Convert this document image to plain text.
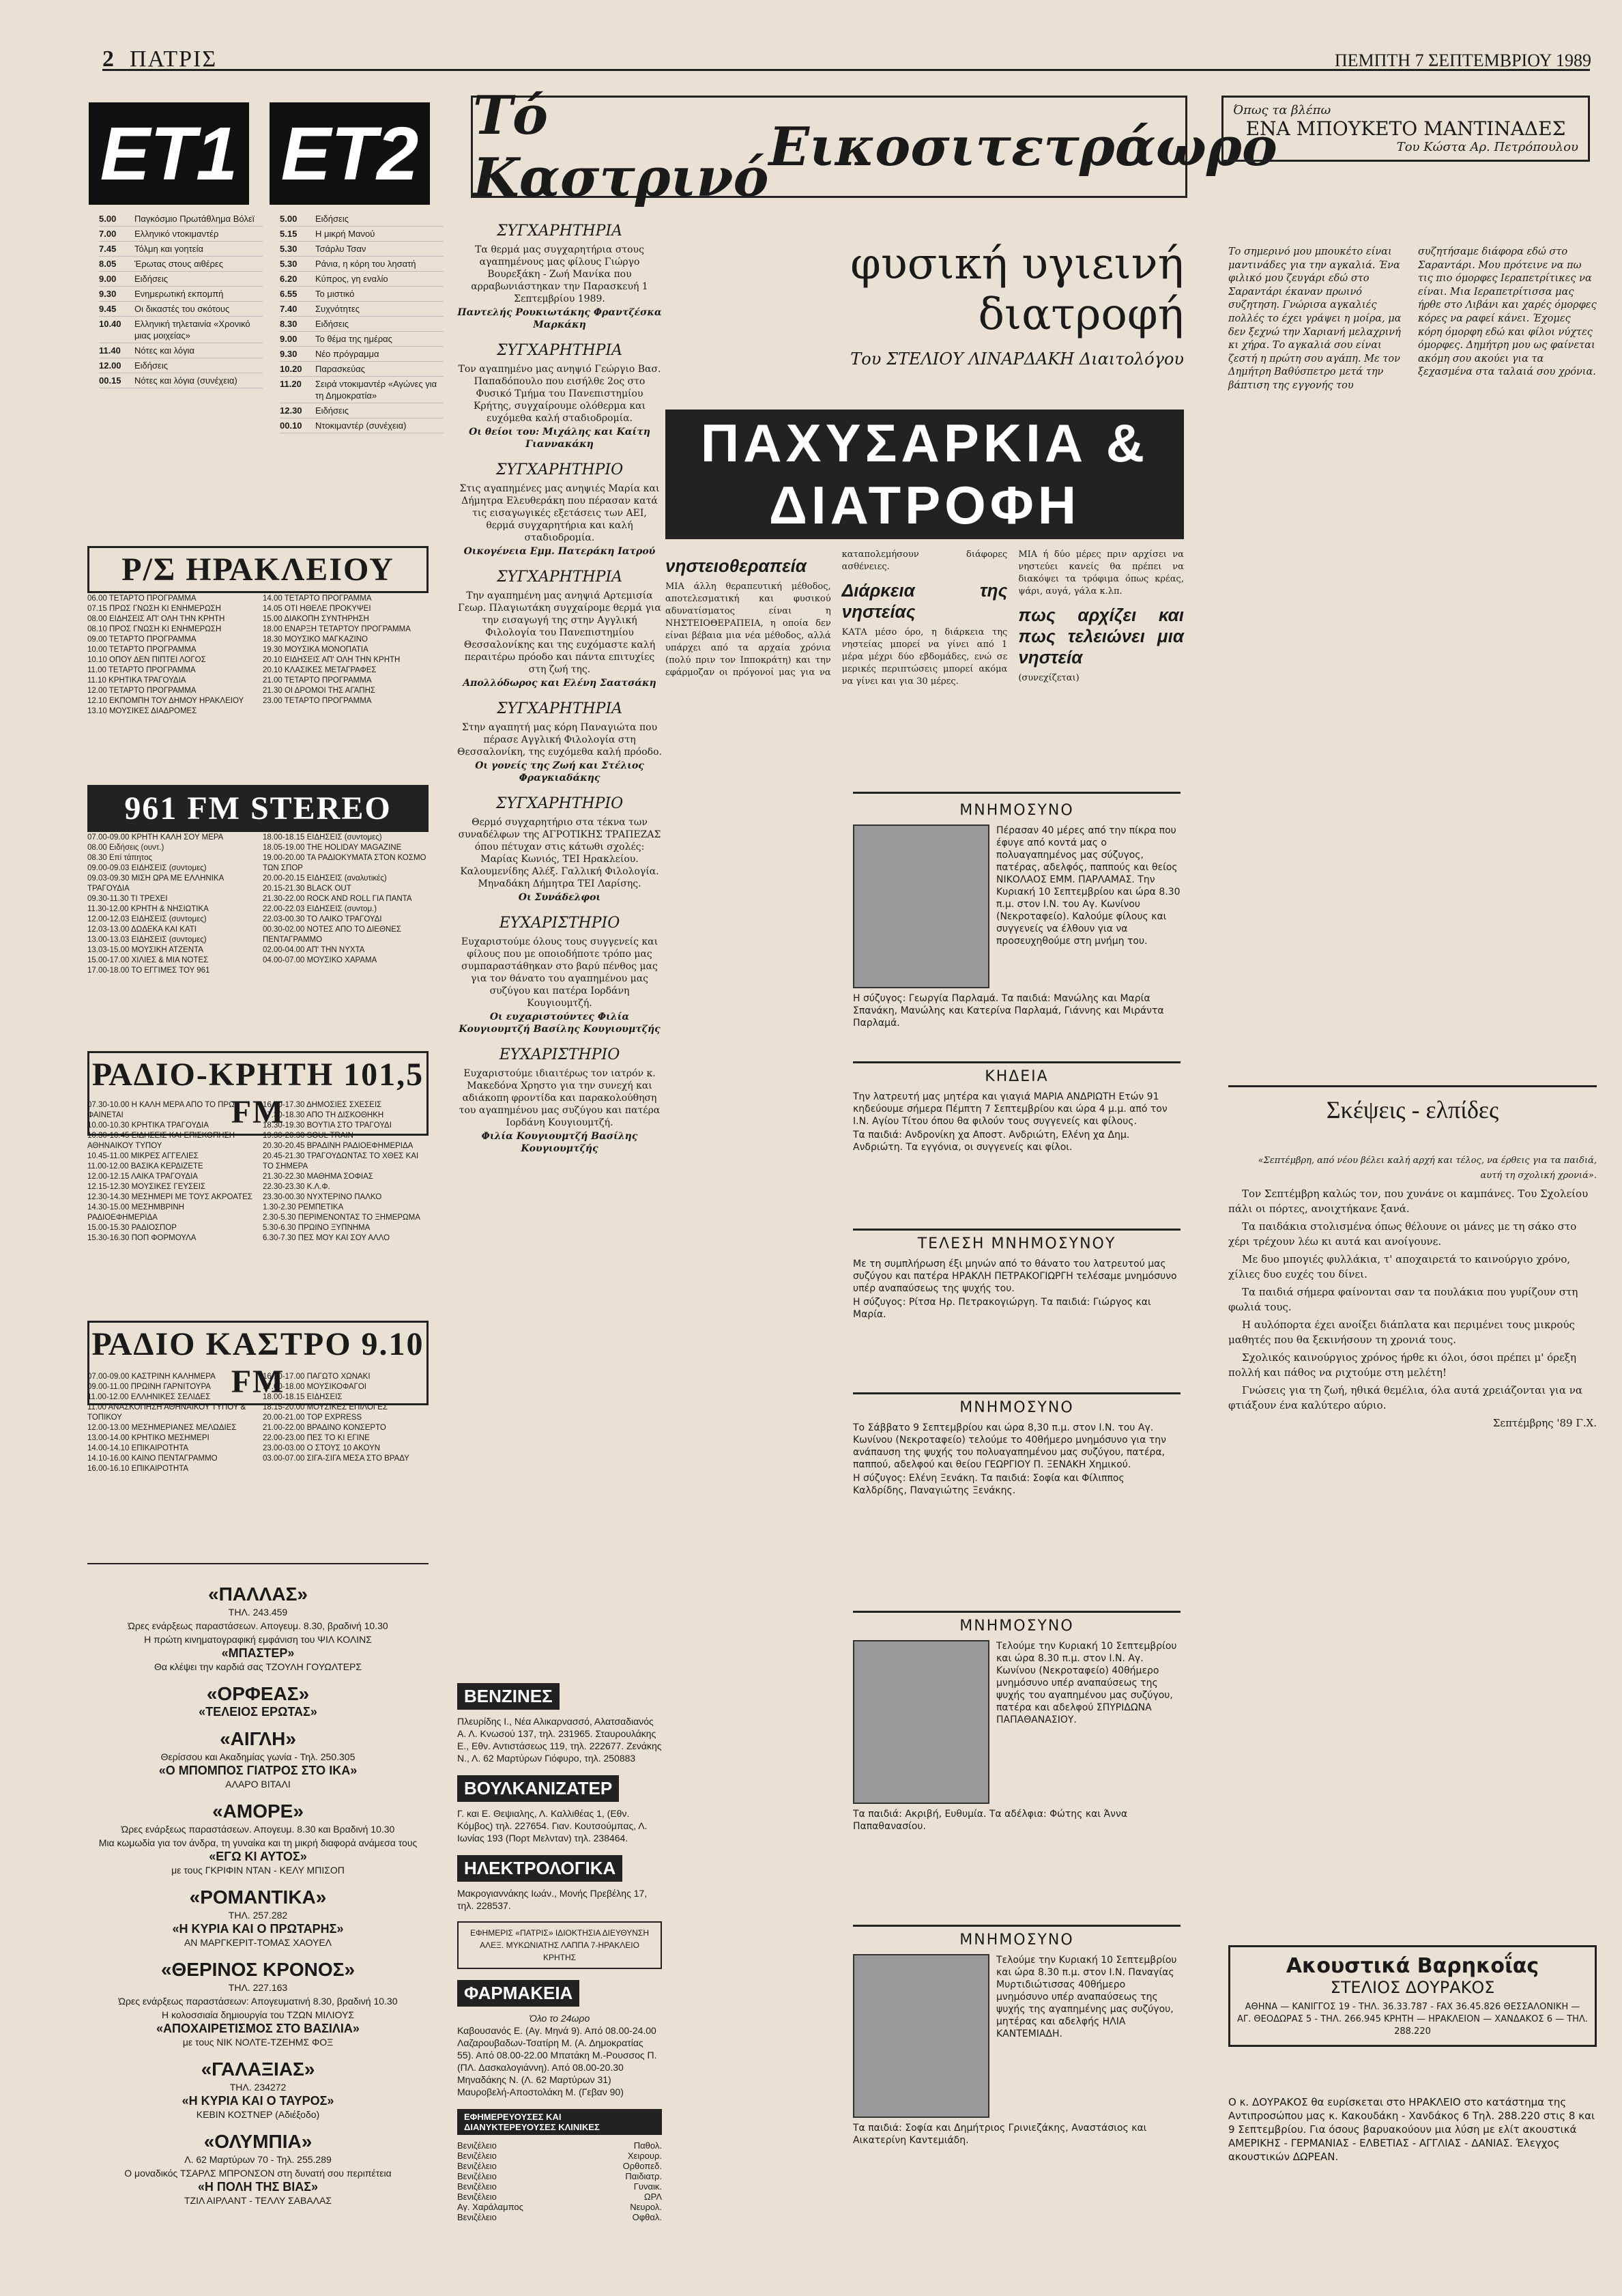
2 ΠΑΤΡΙΣ	ΠΕΜΠΤΗ 7 ΣΕΠΤΕΜΒΡΙΟΥ 1989
ET1 ET2
5.00	Παγκόσμιο Πρωτάθλημα Βόλεϊ
7.00	Ελληνικό ντοκιμαντέρ
7.45	Τόλμη και γοητεία
8.05	Έρωτας στους αιθέρες
9.00	Ειδήσεις
9.30	Ενημερωτική εκπομπή
9.45	Οι δικαστές του σκότους
10.40	Ελληνική τηλεταινία «Χρονικό μιας μοιχείας»
11.40	Νότες και λόγια
12.00	Ειδήσεις
00.15	Νότες και λόγια (συνέχεια)
5.00	Ειδήσεις
5.15	Η μικρή Μανού
5.30	Τσάρλυ Τσαν
5.30	Ράνια, η κόρη του λησατή
6.20	Κύπρος, γη εναλίο
6.55	Το μιστικό
7.40	Συχνότητες
8.30	Ειδήσεις
9.00	Το θέμα της ημέρας
9.30	Νέο πρόγραμμα
10.20	Παρασκεύας
11.20	Σειρά ντοκιμαντέρ «Αγώνες για τη Δημοκρατία»
12.30	Ειδήσεις
00.10	Ντοκιμαντέρ (συνέχεια)
Ρ/Σ ΗΡΑΚΛΕΙΟΥ
06.00 ΤΕΤΑΡΤΟ ΠΡΟΓΡΑΜΜΑ
07.15 ΠΡΩΣ ΓΝΩΣΗ ΚΙ ΕΝΗΜΕΡΩΣΗ
08.00 ΕΙΔΗΣΕΙΣ ΑΠ' ΟΛΗ ΤΗΝ ΚΡΗΤΗ
08.10 ΠΡΟΣ ΓΝΩΣΗ ΚΙ ΕΝΗΜΕΡΩΣΗ
09.00 ΤΕΤΑΡΤΟ ΠΡΟΓΡΑΜΜΑ
10.00 ΤΕΤΑΡΤΟ ΠΡΟΓΡΑΜΜΑ
10.10 ΟΠΟΥ ΔΕΝ ΠΙΠΤΕΙ ΛΟΓΟΣ
11.00 ΤΕΤΑΡΤΟ ΠΡΟΓΡΑΜΜΑ
11.10 ΚΡΗΤΙΚΑ ΤΡΑΓΟΥΔΙΑ
12.00 ΤΕΤΑΡΤΟ ΠΡΟΓΡΑΜΜΑ
12.10 ΕΚΠΟΜΠΗ ΤΟΥ ΔΗΜΟΥ ΗΡΑΚΛΕΙΟΥ
13.10 ΜΟΥΣΙΚΕΣ ΔΙΑΔΡΟΜΕΣ
14.00 ΤΕΤΑΡΤΟ ΠΡΟΓΡΑΜΜΑ
14.05 ΟΤΙ ΗΘΕΛΕ ΠΡΟΚΥΨΕΙ
15.00 ΔΙΑΚΟΠΗ ΣΥΝΤΗΡΗΣΗ
18.00 ΕΝΑΡΞΗ ΤΕΤΑΡΤΟΥ ΠΡΟΓΡΑΜΜΑ
18.30 ΜΟΥΣΙΚΟ ΜΑΓΚΑΖΙΝΟ
19.30 ΜΟΥΣΙΚΑ ΜΟΝΟΠΑΤΙΑ
20.10 ΕΙΔΗΣΕΙΣ ΑΠ' ΟΛΗ ΤΗΝ ΚΡΗΤΗ
20.10 ΚΛΑΣΙΚΕΣ ΜΕΤΑΓΡΑΦΕΣ
21.00 ΤΕΤΑΡΤΟ ΠΡΟΓΡΑΜΜΑ
21.30 ΟΙ ΔΡΟΜΟΙ ΤΗΣ ΑΓΑΠΗΣ
23.00 ΤΕΤΑΡΤΟ ΠΡΟΓΡΑΜΜΑ
961 FM STEREO
07.00-09.00 ΚΡΗΤΗ ΚΑΛΗ ΣΟΥ ΜΕΡΑ
08.00 Ειδήσεις (ουντ.)
08.30 Επί τάπητος
09.00-09.03 ΕΙΔΗΣΕΙΣ (συντομες)
09.03-09.30 ΜΙΣΗ ΩΡΑ ΜΕ ΕΛΛΗΝΙΚΑ ΤΡΑΓΟΥΔΙΑ
09.30-11.30 ΤΙ ΤΡΕΧΕΙ
11.30-12.00 ΚΡΗΤΗ & ΝΗΣΙΩΤΙΚΑ
12.00-12.03 ΕΙΔΗΣΕΙΣ (συντομες)
12.03-13.00 ΔΩΔΕΚΑ ΚΑΙ ΚΑΤΙ
13.00-13.03 ΕΙΔΗΣΕΙΣ (συντομες)
13.03-15.00 ΜΟΥΣΙΚΗ ΑΤΖΕΝΤΑ
15.00-17.00 ΧΙΛΙΕΣ & ΜΙΑ ΝΟΤΕΣ
17.00-18.00 ΤΟ ΕΓΓΙΜΕΣ ΤΟΥ 961
18.00-18.15 ΕΙΔΗΣΕΙΣ (συντομες)
18.05-19.00 THE HOLIDAY MAGAZINE
19.00-20.00 ΤΑ ΡΑΔΙΟΚΥΜΑΤΑ ΣΤΟΝ ΚΟΣΜΟ ΤΩΝ ΣΠΟΡ
20.00-20.15 ΕΙΔΗΣΕΙΣ (αναλυτικές)
20.15-21.30 BLACK OUT
21.30-22.00 ROCK AND ROLL ΓΙΑ ΠΑΝΤΑ
22.00-22.03 ΕΙΔΗΣΕΙΣ (συντομ.)
22.03-00.30 ΤΟ ΛΑΙΚΟ ΤΡΑΓΟΥΔΙ
00.30-02.00 ΝΟΤΕΣ ΑΠΟ ΤΟ ΔΙΕΘΝΕΣ ΠΕΝΤΑΓΡΑΜΜΟ
02.00-04.00 ΑΠ' ΤΗΝ ΝΥΧΤΑ
04.00-07.00 ΜΟΥΣΙΚΟ ΧΑΡΑΜΑ
ΡΑΔΙΟ-ΚΡΗΤΗ 101,5 FM
07.30-10.00 Η ΚΑΛΗ ΜΕΡΑ ΑΠΟ ΤΟ ΠΡΩΙ ΦΑΙΝΕΤΑΙ
10.00-10.30 ΚΡΗΤΙΚΑ ΤΡΑΓΟΥΔΙΑ
10.30-10.45 ΕΙΔΗΣΕΙΣ ΚΑΙ ΕΠΙΣΚΟΠΗΣΗ ΑΘΗΝΑΙΚΟΥ ΤΥΠΟΥ
10.45-11.00 ΜΙΚΡΕΣ ΑΓΓΕΛΙΕΣ
11.00-12.00 ΒΑΣΙΚΑ ΚΕΡΔΙΖΕΤΕ
12.00-12.15 ΛΑΙΚΑ ΤΡΑΓΟΥΔΙΑ
12.15-12.30 ΜΟΥΣΙΚΕΣ ΓΕΥΣΕΙΣ
12.30-14.30 ΜΕΣΗΜΕΡΙ ΜΕ ΤΟΥΣ ΑΚΡΟΑΤΕΣ
14.30-15.00 ΜΕΣΗΜΒΡΙΝΗ ΡΑΔΙΟΕΦΗΜΕΡΙΔΑ
15.00-15.30 ΡΑΔΙΟΣΠΟΡ
15.30-16.30 ΠΟΠ ΦΟΡΜΟΥΛΑ
16.30-17.30 ΔΗΜΟΣΙΕΣ ΣΧΕΣΕΙΣ
17.30-18.30 ΑΠΟ ΤΗ ΔΙΣΚΟΘΗΚΗ
18.30-19.30 ΒΟΥΤΙΑ ΣΤΟ ΤΡΑΓΟΥΔΙ
19.30-20.30 SOUL TRAIN
20.30-20.45 ΒΡΑΔΙΝΗ ΡΑΔΙΟΕΦΗΜΕΡΙΔΑ
20.45-21.30 ΤΡΑΓΟΥΔΩΝΤΑΣ ΤΟ ΧΘΕΣ ΚΑΙ ΤΟ ΣΗΜΕΡΑ
21.30-22.30 ΜΑΘΗΜΑ ΣΟΦΙΑΣ
22.30-23.30 Κ.Λ.Φ.
23.30-00.30 ΝΥΧΤΕΡΙΝΟ ΠΑΛΚΟ
1.30-2.30 ΡΕΜΠΕΤΙΚΑ
2.30-5.30 ΠΕΡΙΜΕΝΟΝΤΑΣ ΤΟ ΞΗΜΕΡΩΜΑ
5.30-6.30 ΠΡΩΙΝΟ ΞΥΠΝΗΜΑ
6.30-7.30 ΠΕΣ ΜΟΥ ΚΑΙ ΣΟΥ ΑΛΛΟ
ΡΑΔΙΟ ΚΑΣΤΡΟ 9.10 FM
07.00-09.00 ΚΑΣΤΡΙΝΗ ΚΑΛΗΜΕΡΑ
09.00-11.00 ΠΡΩΙΝΗ ΓΑΡΝΙΤΟΥΡΑ
11.00-12.00 ΕΛΛΗΝΙΚΕΣ ΣΕΛΙΔΕΣ
11.00 ΑΝΑΣΚΟΠΗΣΗ ΑΘΗΝΑΙΚΟΥ ΤΥΠΟΥ & ΤΟΠΙΚΟΥ
12.00-13.00 ΜΕΣΗΜΕΡΙΑΝΕΣ ΜΕΛΩΔΙΕΣ
13.00-14.00 ΚΡΗΤΙΚΟ ΜΕΣΗΜΕΡΙ
14.00-14.10 ΕΠΙΚΑΙΡΟΤΗΤΑ
14.10-16.00 ΚΑΙΝΟ ΠΕΝΤΑΓΡΑΜΜΟ
16.00-16.10 ΕΠΙΚΑΙΡΟΤΗΤΑ
16.10-17.00 ΠΑΓΩΤΟ ΧΩΝΑΚΙ
17.00-18.00 ΜΟΥΣΙΚΟΦΑΓΟΙ
18.00-18.15 ΕΙΔΗΣΕΙΣ
18.15-20.00 ΜΟΥΣΙΚΕΣ ΕΠΙΛΟΓΕΣ
20.00-21.00 TOP EXPRESS
21.00-22.00 ΒΡΑΔΙΝΟ ΚΟΝΣΕΡΤΟ
22.00-23.00 ΠΕΣ ΤΟ ΚΙ ΕΓΙΝΕ
23.00-03.00 Ο ΣΤΟΥΣ 10 ΑΚΟΥΝ
03.00-07.00 ΣΙΓΑ-ΣΙΓΑ ΜΕΣΑ ΣΤΟ ΒΡΑΔΥ
«ΠΑΛΛΑΣ»
ΤΗΛ. 243.459
Ώρες ενάρξεως παραστάσεων. Απογευμ. 8.30, βραδινή 10.30
Η πρώτη κινηματογραφική εμφάνιση του ΨΙΛ ΚΟΛΙΝΣ
«ΜΠΑΣΤΕΡ»
Θα κλέψει την καρδιά σας ΤΖΟΥΛΗ ΓΟΥΩΛΤΕΡΣ
«ΟΡΦΕΑΣ»
«ΤΕΛΕΙΟΣ ΕΡΩΤΑΣ»
«ΑΙΓΛΗ»
Θερίσσου και Ακαδημίας γωνία - Τηλ. 250.305
«Ο ΜΠΟΜΠΟΣ ΓΙΑΤΡΟΣ ΣΤΟ ΙΚΑ»
ΑΛΑΡΟ ΒΙΤΑΛΙ
«ΑΜΟΡΕ»
Ώρες ενάρξεως παραστάσεων. Απογευμ. 8.30 και Βραδινή 10.30
Μια κωμωδία για τον άνδρα, τη γυναίκα και τη μικρή διαφορά ανάμεσα τους
«ΕΓΩ ΚΙ ΑΥΤΟΣ»
με τους ΓΚΡΙΦΙΝ ΝΤΑΝ - ΚΕΛΥ ΜΠΙΣΟΠ
«ΡΟΜΑΝΤΙΚΑ»
ΤΗΛ. 257.282
«Η ΚΥΡΙΑ ΚΑΙ Ο ΠΡΩΤΑΡΗΣ»
ΑΝ ΜΑΡΓΚΕΡΙΤ-ΤΟΜΑΣ ΧΑΟΥΕΛ
«ΘΕΡΙΝΟΣ ΚΡΟΝΟΣ»
ΤΗΛ. 227.163
Ώρες ενάρξεως παραστάσεων: Απογευματινή 8.30, βραδινή 10.30
Η κολοσσιαία δημιουργία του ΤΖΩΝ ΜΙΛΙΟΥΣ
«ΑΠΟΧΑΙΡΕΤΙΣΜΟΣ ΣΤΟ ΒΑΣΙΛΙΑ»
με τους ΝΙΚ ΝΟΛΤΕ-ΤΖΕΗΜΣ ΦΟΞ
«ΓΑΛΑΞΙΑΣ»
ΤΗΛ. 234272
«Η ΚΥΡΙΑ ΚΑΙ Ο ΤΑΥΡΟΣ»
ΚΕΒΙΝ ΚΟΣΤΝΕΡ (Αδιέξοδο)
«ΟΛΥΜΠΙΑ»
Λ. 62 Μαρτύρων 70 - Τηλ. 255.289
Ο μοναδικός ΤΣΑΡΛΣ ΜΠΡΟΝΣΟΝ στη δυνατή σου περιπέτεια
«Η ΠΟΛΗ ΤΗΣ ΒΙΑΣ»
ΤΖΙΛ ΑΙΡΛΑΝΤ - ΤΕΛΛΥ ΣΑΒΑΛΑΣ
Τό Καστρινό Εικοσιτετράωρο
ΣΥΓΧΑΡΗΤΗΡΙΑ

Τα θερμά μας συγχαρητήρια στους αγαπημένους μας φίλους Γιώργο Βουρεξάκη - Ζωή Μανίκα που αρραβωνιάστηκαν την Παρασκευή 1 Σεπτεμβρίου 1989.

Παντελής Ρουκιωτάκης Φραντζέσκα Μαρκάκη

ΣΥΓΧΑΡΗΤΗΡΙΑ

Τον αγαπημένο μας ανηψιό Γεώργιο Βασ. Παπαδόπουλο που εισήλθε 2ος στο Φυσικό Τμήμα του Πανεπιστημίου Κρήτης, συγχαίρουμε ολόθερμα και ευχόμεθα καλή σταδιοδρομία.

Οι θείοι του: Μιχάλης και Καίτη Γιαννακάκη

ΣΥΓΧΑΡΗΤΗΡΙΟ

Στις αγαπημένες μας ανηψιές Μαρία και Δήμητρα Ελευθεράκη που πέρασαν κατά τις εισαγωγικές εξετάσεις των ΑΕΙ, θερμά συγχαρητήρια και καλή σταδιοδρομία.

Οικογένεια Εμμ. Πατεράκη Ιατρού

ΣΥΓΧΑΡΗΤΗΡΙΑ

Την αγαπημένη μας ανηψιά Αρτεμισία Γεωρ. Πλαγιωτάκη συγχαίρομε θερμά για την εισαγωγή της στην Αγγλική Φιλολογία του Πανεπιστημίου Θεσσαλονίκης και της ευχόμαστε καλή περαιτέρω πρόοδο και πάντα επιτυχίες στη ζωή της.

Απολλόδωρος και Ελένη Σαατσάκη

ΣΥΓΧΑΡΗΤΗΡΙΑ

Στην αγαπητή μας κόρη Παναγιώτα που πέρασε Αγγλική Φιλολογία στη Θεσσαλονίκη, της ευχόμεθα καλή πρόοδο.

Οι γονείς της Ζωή και Στέλιος Φραγκιαδάκης

ΣΥΓΧΑΡΗΤΗΡΙΟ

Θερμό συγχαρητήριο στα τέκνα των συναδέλφων της ΑΓΡΟΤΙΚΗΣ ΤΡΑΠΕΖΑΣ όπου πέτυχαν στις κάτωθι σχολές: Μαρίας Κωνιός, ΤΕΙ Ηρακλείου. Καλουμενίδης Αλέξ. Γαλλική Φιλολογία. Μηναδάκη Δήμητρα ΤΕΙ Λαρίσης.

Οι Συνάδελφοι

ΕΥΧΑΡΙΣΤΗΡΙΟ

Ευχαριστούμε όλους τους συγγενείς και φίλους που με οποιοδήποτε τρόπο μας συμπαραστάθηκαν στο βαρύ πένθος μας για τον θάνατο του αγαπημένου μας συζύγου και πατέρα Ιορδάνη Κουγιουμτζή.

Οι ευχαριστούντες Φιλία Κουγιουμτζή Βασίλης Κουγιουμτζής

ΕΥΧΑΡΙΣΤΗΡΙΟ

Ευχαριστούμε ιδιαιτέρως τον ιατρόν κ. Μακεδόνα Χρηστο για την συνεχή και αδιάκοπη φροντίδα και παρακολούθηση του αγαπημένου μας συζύγου και πατέρα Ιορδάνη Κουγιουμτζή.

Φιλία Κουγιουμτζή Βασίλης Κουγιουμτζής

ΒΕΝΖΙΝΕΣ

Πλευρίδης Ι., Νέα Αλικαρνασσό, Αλατσαδιανός Α. Λ. Κνωσού 137, τηλ. 231965. Σταυρουλάκης Ε., Εθν. Αντιστάσεως 119, τηλ. 222677. Ζενάκης Ν., Λ. 62 Μαρτύρων Γιόφυρο, τηλ. 250883

ΒΟΥΛΚΑΝΙΖΑΤΕΡ

Γ. και Ε. Θεψιαλης, Λ. Καλλιθέας 1, (Εθν. Κόμβος) τηλ. 227654. Γιαν. Κουτσούμπας, Λ. Ιωνίας 193 (Πορτ Μελνταν) τηλ. 238464.

ΗΛΕΚΤΡΟΛΟΓΙΚΑ

Μακρογιαννάκης Ιωάν., Μονής Πρεβέλης 17, τηλ. 228537.

ΕΦΗΜΕΡΙΣ «ΠΑΤΡΙΣ» ΙΔΙΟΚΤΗΣΙΑ ΔΙΕΥΘΥΝΣΗ ΑΛΕΞ. ΜΥΚΩΝΙΑΤΗΣ ΛΑΠΠΑ 7-ΗΡΑΚΛΕΙΟ ΚΡΗΤΗΣ

ΦΑΡΜΑΚΕΙΑ

Όλο το 24ωρο

Καβουσανός Ε. (Αγ. Μηνά 9). Από 08.00-24.00 Λαζαρουβαδων-Τσατίρη Μ. (Α. Δημοκρατίας 55). Από 08.00-22.00 Μπατάκη Μ.-Ρουσσος Π. (ΠΛ. Δασκαλογιάννη). Από 08.00-20.30 Μηναδάκης Ν. (Λ. 62 Μαρτύρων 31) Μαυροβελή-Αποστολάκη Μ. (Γεβαν 90)

ΕΦΗΜΕΡΕΥΟΥΣΕΣ ΚΑΙ ΔΙΑΝΥΚΤΕΡΕΥΟΥΣΕΣ ΚΛΙΝΙΚΕΣ
Βενιζέλειο	Παθολ.
Βενιζέλειο	Χειρουρ.
Βενιζέλειο	Ορθοπεδ.
Βενιζέλειο	Παιδιατρ.
Βενιζέλειο	Γυναικ.
Βενιζέλειο	ΩΡΛ
Αγ. Χαράλαμπος	Νευρολ.
Βενιζέλειο	Οφθαλ.
φυσική υγιεινή διατροφή
Του ΣΤΕΛΙΟΥ ΛΙΝΑΡΔΑΚΗ Διαιτολόγου
ΠΑΧΥΣΑΡΚΙΑ & ΔΙΑΤΡΟΦΗ
νηστειοθεραπεία

ΜΙΑ άλλη θεραπευτική μέθοδος, αποτελεσματική και φυσικού αδυνατίσματος είναι η ΝΗΣΤΕΙΟΘΕΡΑΠΕΙΑ, η οποία δεν είναι βέβαια μια νέα μέθοδος, αλλά υπάρχει από τα αρχαία χρόνια (πολύ πριν τον Ιπποκράτη) και την εφάρμοζαν οι πρόγονοί μας για να καταπολεμήσουν διάφορες ασθένειες.

Διάρκεια της νηστείας

ΚΑΤΑ μέσο όρο, η διάρκεια της νηστείας μπορεί να γίνει από 1 μέρα μέχρι δύο εβδομάδες, ενώ σε μερικές περιπτώσεις μπορεί ακόμα να γίνει και για 30 μέρες.

ΜΙΑ ή δύο μέρες πριν αρχίσει να νηστεύει κανείς θα πρέπει να διακόψει τα τρόφιμα όπως κρέας, ψάρι, αυγά, γάλα κ.λπ.

πως αρχίζει και πως τελειώνει μια νηστεία

(συνεχίζεται)

ΜΝΗΜΟΣΥΝΟ

Πέρασαν 40 μέρες από την πίκρα που έφυγε από κοντά μας ο πολυαγαπημένος μας σύζυγος, πατέρας, αδελφός, παππούς και θείος ΝΙΚΟΛΑΟΣ ΕΜΜ. ΠΑΡΛΑΜΑΣ. Την Κυριακή 10 Σεπτεμβρίου και ώρα 8.30 π.μ. στον Ι.Ν. του Αγ. Κωνίνου (Νεκροταφείο). Καλούμε φίλους και συγγενείς να έλθουν για να προσευχηθούμε στη μνήμη του.

Η σύζυγος: Γεωργία Παρλαμά. Τα παιδιά: Μανώλης και Μαρία Σπανάκη, Μανώλης και Κατερίνα Παρλαμά, Γιάννης και Μιράντα Παρλαμά.

ΚΗΔΕΙΑ

Την λατρευτή μας μητέρα και γιαγιά ΜΑΡΙΑ ΑΝΔΡΙΩΤΗ Ετών 91 κηδεύουμε σήμερα Πέμπτη 7 Σεπτεμβρίου και ώρα 4 μ.μ. από τον Ι.Ν. Αγίου Τίτου όπου θα φιλούν τους συγγενείς και φίλους.

Τα παιδιά: Ανδρονίκη χα Αποστ. Ανδριώτη, Ελένη χα Δημ. Ανδριώτη. Τα εγγόνια, οι συγγενείς και φίλοι.

ΤΕΛΕΣΗ ΜΝΗΜΟΣΥΝΟΥ

Με τη συμπλήρωση έξι μηνών από το θάνατο του λατρευτού μας συζύγου και πατέρα ΗΡΑΚΛΗ ΠΕΤΡΑΚΟΓΙΩΡΓΗ τελέσαμε μνημόσυνο υπέρ αναπαύσεως της ψυχής του.

Η σύζυγος: Ρίτσα Ηρ. Πετρακογιώργη. Τα παιδιά: Γιώργος και Μαρία.

ΜΝΗΜΟΣΥΝΟ

Το Σάββατο 9 Σεπτεμβρίου και ώρα 8,30 π.μ. στον Ι.Ν. του Αγ. Κωνίνου (Νεκροταφείο) τελούμε το 40θήμερο μνημόσυνο για την ανάπαυση της ψυχής του πολυαγαπημένου μας συζύγου, πατέρα, παππού, αδελφού και θείου ΓΕΩΡΓΙΟΥ Π. ΞΕΝΑΚΗ Χημικού.

Η σύζυγος: Ελένη Ξενάκη. Τα παιδιά: Σοφία και Φίλιππος Καλδρίδης, Παναγιώτης Ξενάκης.

ΜΝΗΜΟΣΥΝΟ

Τελούμε την Κυριακή 10 Σεπτεμβρίου και ώρα 8.30 π.μ. στον Ι.Ν. Αγ. Κωνίνου (Νεκροταφείο) 40θήμερο μνημόσυνο υπέρ αναπαύσεως της ψυχής του αγαπημένου μας συζύγου, πατέρα και αδελφού ΣΠΥΡΙΔΩΝΑ ΠΑΠΑΘΑΝΑΣΙΟΥ.

Τα παιδιά: Ακριβή, Ευθυμία. Τα αδέλφια: Φώτης και Άννα Παπαθανασίου.

ΜΝΗΜΟΣΥΝΟ

Τελούμε την Κυριακή 10 Σεπτεμβρίου και ώρα 8.30 π.μ. στον Ι.Ν. Παναγίας Μυρτιδιώτισσας 40θήμερο μνημόσυνο υπέρ αναπαύσεως της ψυχής της αγαπημένης μας συζύγου, μητέρας και αδελφής ΗΛΙΑ ΚΑΝΤΕΜΙΑΔΗ.

Τα παιδιά: Σοφία και Δημήτριος Γρινιεζάκης, Αναστάσιος και Αικατερίνη Καντεμιάδη.

Όπως τα βλέπω
ΕΝΑ ΜΠΟΥΚΕΤΟ ΜΑΝΤΙΝΑΔΕΣ
Του Κώστα Αρ. Πετρόπουλου
Το σημερινό μου μπουκέτο είναι μαντινάδες για την αγκαλιά. Ένα φιλικό μου ζευγάρι εδώ στο Σαραντάρι έκαναν πρωινό συζητηση. Γνώρισα αγκαλιές πολλές το έχει γράψει η μοίρα, μα δεν ξεχνώ την Χαριανή μελαχρινή κι χήρα. Το αγκαλιά σου είναι ζεστή η πρώτη σου αγάπη. Με τον Δημήτρη Βαθύσπετρο μετά την βάπτιση της εγγονής του συζητήσαμε διάφορα εδώ στο Σαραντάρι. Μου πρότεινε να πω τις πιο όμορφες Ιεραπετρίτικες να είναι. Μια Ιεραπετρίτισσα μας ήρθε στο Λιβάνι και χαρές όμορφες κόρες να ραφεί κάνει. Έχομες κόρη όμορφη εδώ και φίλοι νύχτες όμορφες. Δημήτρη μου ως φαίνεται ακόμη σου ακούει για τα ξεχασμένα στα ταλαιά σου χρόνια.
Σκέψεις - ελπίδες

«Σεπτέμβρη, από νέου βέλει καλή αρχή και τέλος, να έρθεις για τα παιδιά, αυτή τη σχολική χρονιά».

Τον Σεπτέμβρη καλώς τον, που χυνάνε οι καμπάνες. Του Σχολείου πάλι οι πόρτες, ανοιχτήκανε ξανά.

Τα παιδάκια στολισμένα όπως θέλουνε οι μάνες με τη σάκο στο χέρι τρέχουν λέω κι αυτά και ανοίγουνε.

Με δυο μπογιές φυλλάκια, τ' αποχαιρετά το καινούργιο χρόνο, χίλιες δυο ευχές του δίνει.

Τα παιδιά σήμερα φαίνονται σαν τα πουλάκια που γυρίζουν στη φωλιά τους.

Η αυλόπορτα έχει ανοίξει διάπλατα και περιμένει τους μικρούς μαθητές που θα ξεκινήσουν τη χρονιά τους.

Σχολικός καινούργιος χρόνος ήρθε κι όλοι, όσοι πρέπει μ' όρεξη πολλή και πάθος να ριχτούμε στη μελέτη!

Γνώσεις για τη ζωή, ηθικά θεμέλια, όλα αυτά χρειάζονται για να φτιάξουν ένα καλύτερο αύριο.

Σεπτέμβρης '89 Γ.Χ.

Ακουστικά Βαρηκοΐας
ΣΤΕΛΙΟΣ ΔΟΥΡΑΚΟΣ
ΑΘΗΝΑ — ΚΑΝΙΓΓΟΣ 19 - ΤΗΛ. 36.33.787 - FAX 36.45.826 ΘΕΣΣΑΛΟΝΙΚΗ — ΑΓ. ΘΕΟΔΩΡΑΣ 5 - ΤΗΛ. 266.945 ΚΡΗΤΗ — ΗΡΑΚΛΕΙΟΝ — ΧΑΝΔΑΚΟΣ 6 — ΤΗΛ. 288.220
Ο κ. ΔΟΥΡΑΚΟΣ θα ευρίσκεται στο ΗΡΑΚΛΕΙΟ στο κατάστημα της Αντιπροσώπου μας κ. Κακουδάκη - Χανδάκος 6 Τηλ. 288.220 στις 8 και 9 Σεπτεμβρίου. Για όσους βαρυακούουν μια λύση με ελίτ ακουστικά ΑΜΕΡΙΚΗΣ - ΓΕΡΜΑΝΙΑΣ - ΕΛΒΕΤΙΑΣ - ΑΓΓΛΙΑΣ - ΔΑΝΙΑΣ. Έλεγχος ακουστικών ΔΩΡΕΑΝ.
